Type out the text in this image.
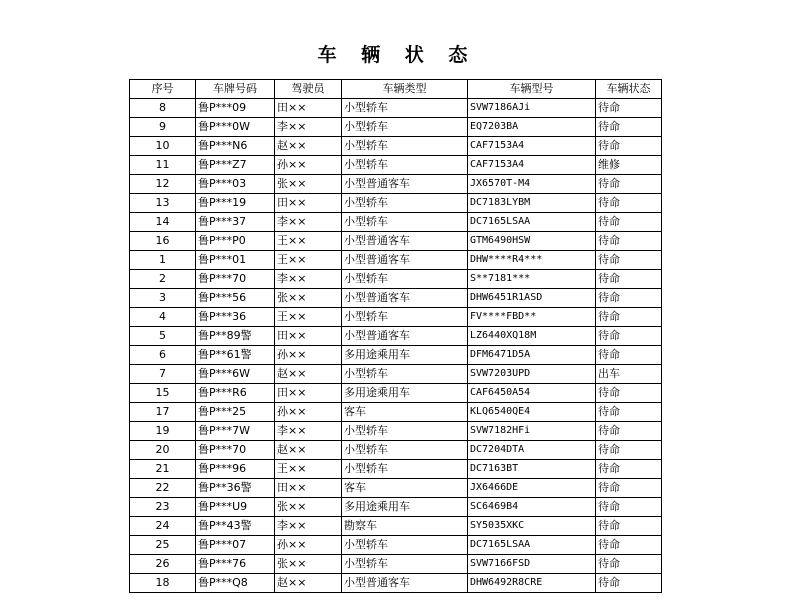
车 辆 状 态
序号	车牌号码	驾驶员	车辆类型	车辆型号	车辆状态
8	鲁P***09	田××	小型轿车	SVW7186AJi	待命
9	鲁P***0W	李××	小型轿车	EQ7203BA	待命
10	鲁P***N6	赵××	小型轿车	CAF7153A4	待命
11	鲁P***Z7	孙××	小型轿车	CAF7153A4	维修
12	鲁P***03	张××	小型普通客车	JX6570T-M4	待命
13	鲁P***19	田××	小型轿车	DC7183LYBM	待命
14	鲁P***37	李××	小型轿车	DC7165LSAA	待命
16	鲁P***P0	王××	小型普通客车	GTM6490HSW	待命
1	鲁P***01	王××	小型普通客车	DHW****R4***	待命
2	鲁P***70	李××	小型轿车	S**7181***	待命
3	鲁P***56	张××	小型普通客车	DHW6451R1ASD	待命
4	鲁P***36	王××	小型轿车	FV****FBD**	待命
5	鲁P**89警	田××	小型普通客车	LZ6440XQ18M	待命
6	鲁P**61警	孙××	多用途乘用车	DFM6471D5A	待命
7	鲁P***6W	赵××	小型轿车	SVW7203UPD	出车
15	鲁P***R6	田××	多用途乘用车	CAF6450A54	待命
17	鲁P***25	孙××	客车	KLQ6540QE4	待命
19	鲁P***7W	李××	小型轿车	SVW7182HFi	待命
20	鲁P***70	赵××	小型轿车	DC7204DTA	待命
21	鲁P***96	王××	小型轿车	DC7163BT	待命
22	鲁P**36警	田××	客车	JX6466DE	待命
23	鲁P***U9	张××	多用途乘用车	SC6469B4	待命
24	鲁P**43警	李××	勘察车	SY5035XKC	待命
25	鲁P***07	孙××	小型轿车	DC7165LSAA	待命
26	鲁P***76	张××	小型轿车	SVW7166FSD	待命
18	鲁P***Q8	赵××	小型普通客车	DHW6492R8CRE	待命
